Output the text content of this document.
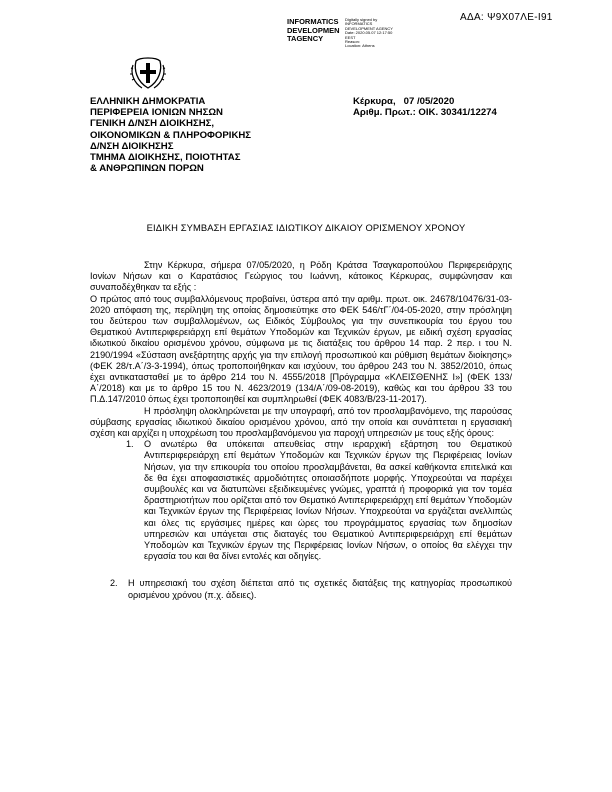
ΑΔΑ: Ψ9Χ07ΛΕ-Ι91
INFORMATICS
DEVELOPMEN
TAGENCY
Digitally signed by
INFORMATICS
DEVELOPMENT AGENCY
Date: 2020.05.07 12:17:50
EEST
Reason:
Location: Athens
ΕΛΛΗΝΙΚΗ ΔΗΜΟΚΡΑΤΙΑ
ΠΕΡΙΦΕΡΕΙΑ ΙΟΝΙΩΝ ΝΗΣΩΝ
ΓΕΝΙΚΗ Δ/ΝΣΗ ΔΙΟΙΚΗΣΗΣ,
ΟΙΚΟΝΟΜΙΚΩΝ & ΠΛΗΡΟΦΟΡΙΚΗΣ
Δ/ΝΣΗ ΔΙΟΙΚΗΣΗΣ
ΤΜΗΜΑ ΔΙΟΙΚΗΣΗΣ, ΠΟΙΟΤΗΤΑΣ
& ΑΝΘΡΩΠΙΝΩΝ ΠΟΡΩΝ
Κέρκυρα, 07 /05/2020
Αριθμ. Πρωτ.: ΟΙΚ. 30341/12274
ΕΙΔΙΚΗ ΣΥΜΒΑΣΗ ΕΡΓΑΣΙΑΣ ΙΔΙΩΤΙΚΟΥ ΔΙΚΑΙΟΥ ΟΡΙΣΜΕΝΟΥ ΧΡΟΝΟΥ

Στην Κέρκυρα, σήμερα 07/05/2020, η Ρόδη Κράτσα Τσαγκαροπούλου Περιφερειάρχης Ιονίων Νήσων και ο Καρατάσιος Γεώργιος του Ιωάννη, κάτοικος Κέρκυρας, συμφώνησαν και συναποδέχθηκαν τα εξής :

Ο πρώτος από τους συμβαλλόμενους προβαίνει, ύστερα από την αριθμ. πρωτ. οικ. 24678/10476/31-03-2020 απόφαση της, περίληψη της οποίας δημοσιεύτηκε στο ΦΕΚ 546/τΓ΄/04-05-2020, στην πρόσληψη του δεύτερου των συμβαλλομένων, ως Ειδικός Σύμβουλος για την συνεπικουρία του έργου του Θεματικού Αντιπεριφερειάρχη επί θεμάτων Υποδομών και Τεχνικών έργων, με ειδική σχέση εργασίας ιδιωτικού δικαίου ορισμένου χρόνου, σύμφωνα με τις διατάξεις του άρθρου 14 παρ. 2 περ. ι του Ν. 2190/1994 «Σύσταση ανεξάρτητης αρχής για την επιλογή προσωπικού και ρύθμιση θεμάτων διοίκησης» (ΦΕΚ 28/τ.Α΄/3-3-1994), όπως τροποποιήθηκαν και ισχύουν, του άρθρου 243 του Ν. 3852/2010, όπως έχει αντικατασταθεί με το άρθρο 214 του Ν. 4555/2018 [Πρόγραμμα «ΚΛΕΙΣΘΕΝΗΣ Ι»] (ΦΕΚ 133/Α΄/2018) και με το άρθρο 15 του Ν. 4623/2019 (134/Α΄/09-08-2019), καθώς και του άρθρου 33 του Π.Δ.147/2010 όπως έχει τροποποιηθεί και συμπληρωθεί (ΦΕΚ 4083/Β/23-11-2017).

Η πρόσληψη ολοκληρώνεται με την υπογραφή, από τον προσλαμβανόμενο, της παρούσας σύμβασης εργασίας ιδιωτικού δικαίου ορισμένου χρόνου, από την οποία και συνάπτεται η εργασιακή σχέση και αρχίζει η υποχρέωση του προσλαμβανόμενου για παροχή υπηρεσιών με τους εξής όρους:

1. Ο ανωτέρω θα υπόκειται απευθείας στην ιεραρχική εξάρτηση του Θεματικού Αντιπεριφερειάρχη επί θεμάτων Υποδομών και Τεχνικών έργων της Περιφέρειας Ιονίων Νήσων, για την επικουρία του οποίου προσλαμβάνεται, θα ασκεί καθήκοντα επιτελικά και δε θα έχει αποφασιστικές αρμοδιότητες οποιασδήποτε μορφής. Υποχρεούται να παρέχει συμβουλές και να διατυπώνει εξειδικευμένες γνώμες, γραπτά ή προφορικά για τον τομέα δραστηριοτήτων που ορίζεται από τον Θεματικό Αντιπεριφερειάρχη επί θεμάτων Υποδομών και Τεχνικών έργων της Περιφέρειας Ιονίων Νήσων. Υποχρεούται να εργάζεται ανελλιπώς και όλες τις εργάσιμες ημέρες και ώρες του προγράμματος εργασίας των δημοσίων υπηρεσιών και υπάγεται στις διαταγές του Θεματικού Αντιπεριφερειάρχη επί θεμάτων Υποδομών και Τεχνικών έργων της Περιφέρειας Ιονίων Νήσων, ο οποίος θα ελέγχει την εργασία του και θα δίνει εντολές και οδηγίες.
2. Η υπηρεσιακή του σχέση διέπεται από τις σχετικές διατάξεις της κατηγορίας προσωπικού ορισμένου χρόνου (π.χ. άδειες).
